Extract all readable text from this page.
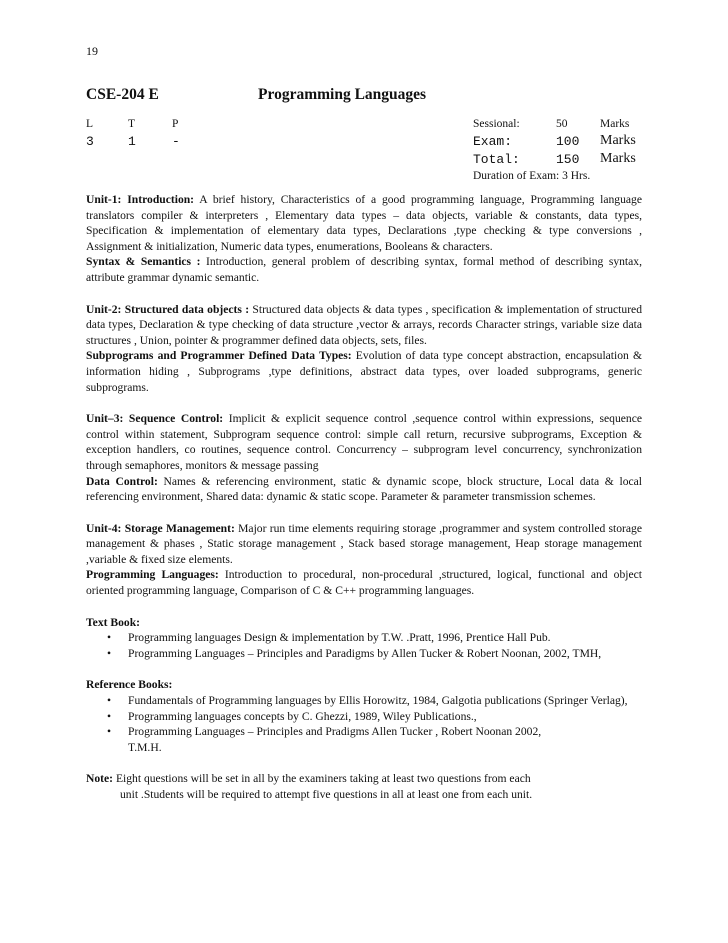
19
CSE-204 E	Programming Languages
L	T	P
3	1	-
Sessional:	50	Marks
Exam:	100 Marks
Total:	150 Marks
Duration of Exam: 3 Hrs.

Unit-1: Introduction: A brief history, Characteristics of a good programming language, Programming language translators compiler & interpreters , Elementary data types – data objects, variable & constants, data types, Specification & implementation of elementary data types, Declarations ,type checking & type conversions , Assignment & initialization, Numeric data types, enumerations, Booleans & characters.

Syntax & Semantics : Introduction, general problem of describing syntax, formal method of describing syntax, attribute grammar dynamic semantic.

Unit-2: Structured data objects : Structured data objects & data types , specification & implementation of structured data types, Declaration & type checking of data structure ,vector & arrays, records Character strings, variable size data structures , Union, pointer & programmer defined data objects, sets, files.

Subprograms and Programmer Defined Data Types: Evolution of data type concept abstraction, encapsulation & information hiding , Subprograms ,type definitions, abstract data types, over loaded subprograms, generic subprograms.

Unit–3: Sequence Control: Implicit & explicit sequence control ,sequence control within expressions, sequence control within statement, Subprogram sequence control: simple call return, recursive subprograms, Exception & exception handlers, co routines, sequence control. Concurrency – subprogram level concurrency, synchronization through semaphores, monitors & message passing

Data Control: Names & referencing environment, static & dynamic scope, block structure, Local data & local referencing environment, Shared data: dynamic & static scope. Parameter & parameter transmission schemes.

Unit-4: Storage Management: Major run time elements requiring storage ,programmer and system controlled storage management & phases , Static storage management , Stack based storage management, Heap storage management ,variable & fixed size elements.

Programming Languages: Introduction to procedural, non-procedural ,structured, logical, functional and object oriented programming language, Comparison of C & C++ programming languages.

Text Book:

• Programming languages Design & implementation by T.W. .Pratt, 1996, Prentice Hall Pub.
• Programming Languages – Principles and Paradigms by Allen Tucker & Robert Noonan, 2002, TMH,

Reference Books:

• Fundamentals of Programming languages by Ellis Horowitz, 1984, Galgotia publications (Springer Verlag),
• Programming languages concepts by C. Ghezzi, 1989, Wiley Publications.,
• Programming Languages – Principles and Pradigms Allen Tucker , Robert Noonan 2002, T.M.H.

Note: Eight questions will be set in all by the examiners taking at least two questions from each

unit .Students will be required to attempt five questions in all at least one from each unit.
